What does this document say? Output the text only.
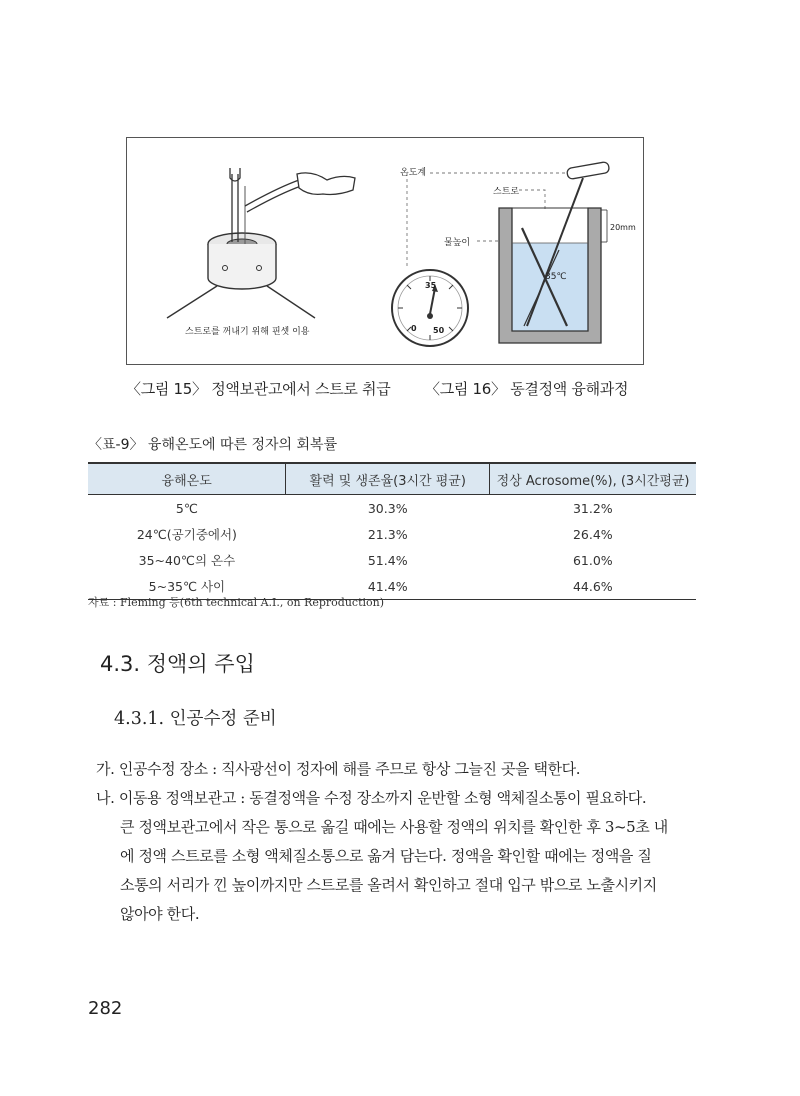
스트로를 꺼내기 위해 핀셋 이용
온도계
스트로
물높이
20mm
35℃
35
0 50
〈그림 15〉 정액보관고에서 스트로 취급 〈그림 16〉 동결정액 융해과정
〈표-9〉 융해온도에 따른 정자의 회복률
융해온도	활력 및 생존율(3시간 평균)	정상 Acrosome(%), (3시간평균)
5℃	30.3%	31.2%
24℃(공기중에서)	21.3%	26.4%
35~40℃의 온수	51.4%	61.0%
5~35℃ 사이	41.4%	44.6%
자료 : Fleming 등(6th technical A.I., on Reproduction)
4.3. 정액의 주입
4.3.1. 인공수정 준비
가. 인공수정 장소 : 직사광선이 정자에 해를 주므로 항상 그늘진 곳을 택한다.
나. 이동용 정액보관고 : 동결정액을 수정 장소까지 운반할 소형 액체질소통이 필요하다.
큰 정액보관고에서 작은 통으로 옮길 때에는 사용할 정액의 위치를 확인한 후 3~5초 내
에 정액 스트로를 소형 액체질소통으로 옮겨 담는다. 정액을 확인할 때에는 정액을 질
소통의 서리가 낀 높이까지만 스트로를 올려서 확인하고 절대 입구 밖으로 노출시키지
않아야 한다.
282
